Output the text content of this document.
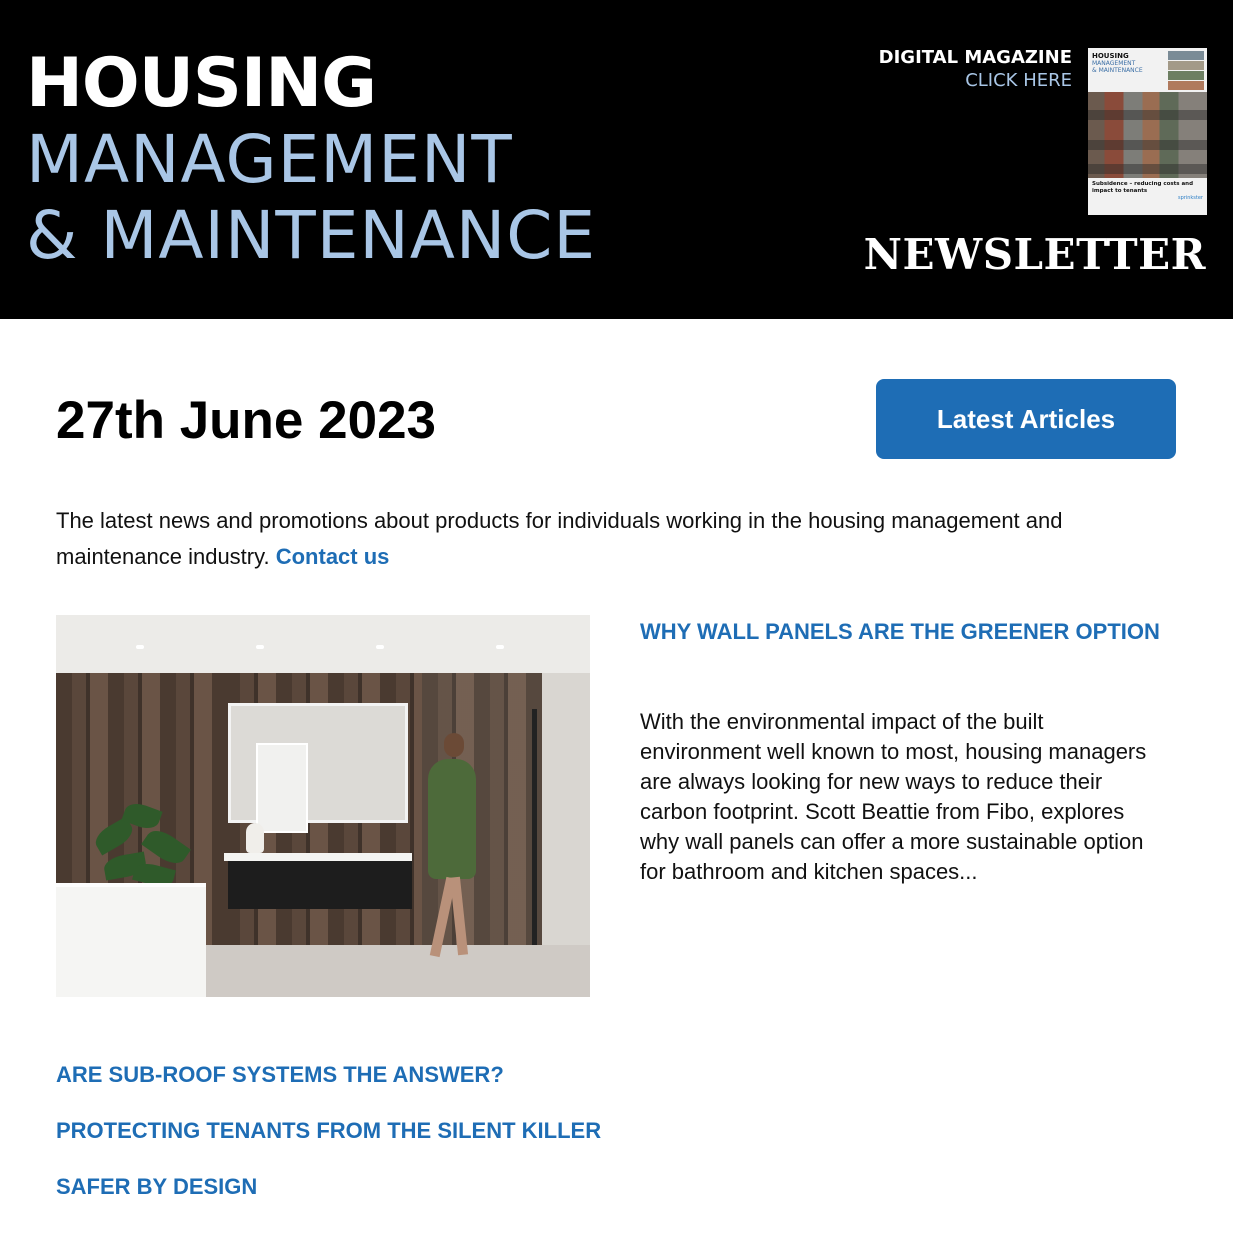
HOUSING
MANAGEMENT
& MAINTENANCE
DIGITAL MAGAZINE
CLICK HERE
HOUSING
MANAGEMENT
& MAINTENANCE
Subsidence – reducing costs and impact to tenants
sprinkster
NEWSLETTER
27th June 2023	Latest Articles

The latest news and promotions about products for individuals working in the housing management and maintenance industry. Contact us

WHY WALL PANELS ARE THE GREENER OPTION

With the environmental impact of the built environment well known to most, housing managers are always looking for new ways to reduce their carbon footprint. Scott Beattie from Fibo, explores why wall panels can offer a more sustainable option for bathroom and kitchen spaces...

ARE SUB-ROOF SYSTEMS THE ANSWER?
PROTECTING TENANTS FROM THE SILENT KILLER
SAFER BY DESIGN
